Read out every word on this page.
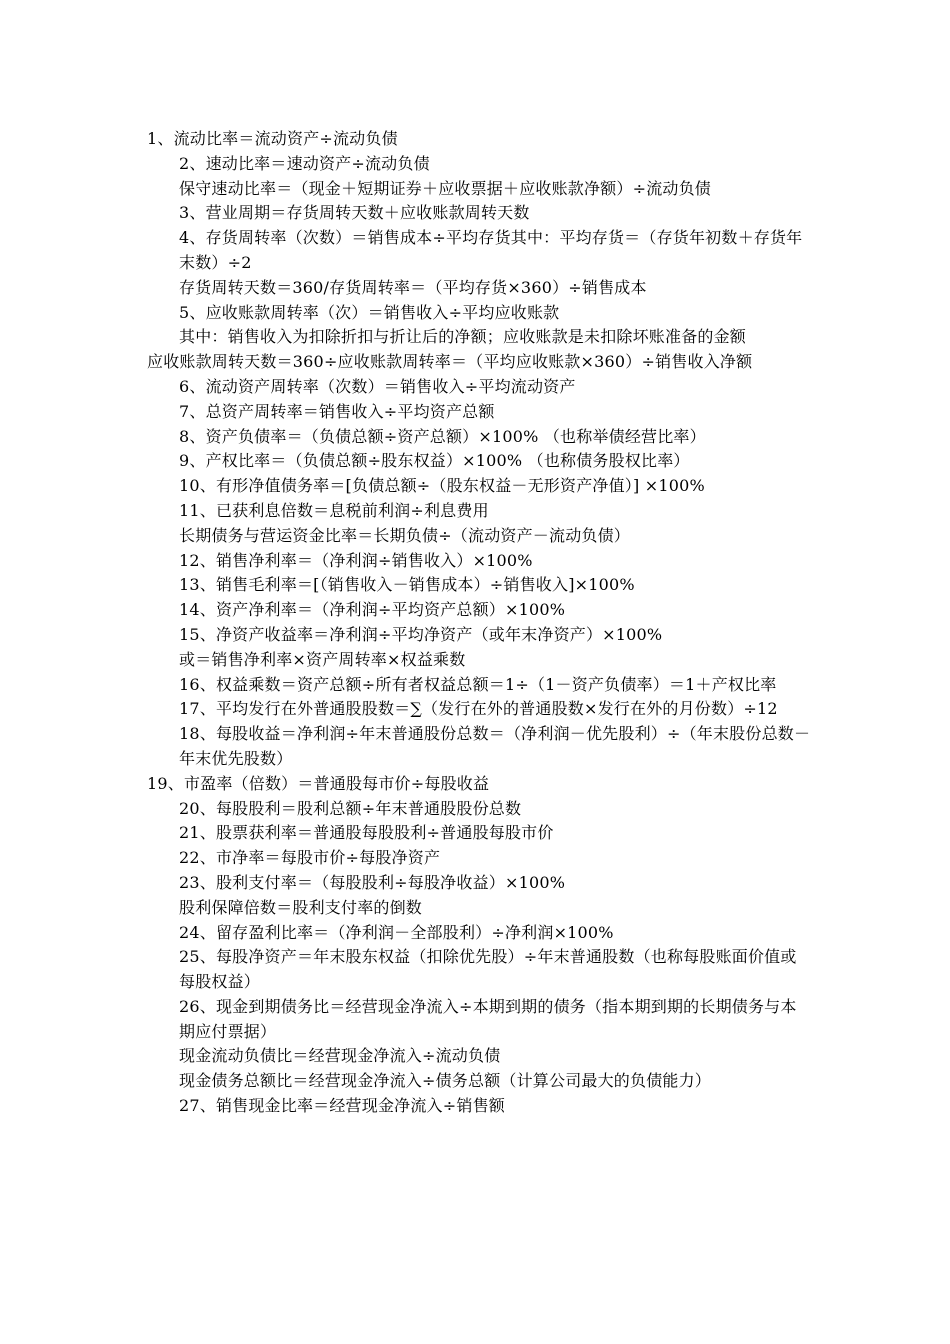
1、流动比率＝流动资产÷流动负债

2、速动比率＝速动资产÷流动负债

保守速动比率＝（现金＋短期证券＋应收票据＋应收账款净额）÷流动负债

3、营业周期＝存货周转天数＋应收账款周转天数

4、存货周转率（次数）＝销售成本÷平均存货其中：平均存货＝（存货年初数＋存货年末数）÷2

存货周转天数＝360/存货周转率＝（平均存货×360）÷销售成本

5、应收账款周转率（次）＝销售收入÷平均应收账款

其中：销售收入为扣除折扣与折让后的净额；应收账款是未扣除坏账准备的金额

应收账款周转天数＝360÷应收账款周转率＝（平均应收账款×360）÷销售收入净额

6、流动资产周转率（次数）＝销售收入÷平均流动资产

7、总资产周转率＝销售收入÷平均资产总额

8、资产负债率＝（负债总额÷资产总额）×100% （也称举债经营比率）

9、产权比率＝（负债总额÷股东权益）×100% （也称债务股权比率）

10、有形净值债务率＝[负债总额÷（股东权益－无形资产净值）] ×100%

11、已获利息倍数＝息税前利润÷利息费用

长期债务与营运资金比率＝长期负债÷（流动资产－流动负债）

12、销售净利率＝（净利润÷销售收入）×100%

13、销售毛利率＝[（销售收入－销售成本）÷销售收入]×100%

14、资产净利率＝（净利润÷平均资产总额）×100%

15、净资产收益率＝净利润÷平均净资产（或年末净资产）×100%

或＝销售净利率×资产周转率×权益乘数

16、权益乘数＝资产总额÷所有者权益总额＝1÷（1－资产负债率）＝1＋产权比率

17、平均发行在外普通股股数＝∑（发行在外的普通股数×发行在外的月份数）÷12

18、每股收益＝净利润÷年末普通股份总数＝（净利润－优先股利）÷（年末股份总数－年末优先股数）

19、市盈率（倍数）＝普通股每市价÷每股收益

20、每股股利＝股利总额÷年末普通股股份总数

21、股票获利率＝普通股每股股利÷普通股每股市价

22、市净率＝每股市价÷每股净资产

23、股利支付率＝（每股股利÷每股净收益）×100%

股利保障倍数＝股利支付率的倒数

24、留存盈利比率＝（净利润－全部股利）÷净利润×100%

25、每股净资产＝年末股东权益（扣除优先股）÷年末普通股数（也称每股账面价值或每股权益）

26、现金到期债务比＝经营现金净流入÷本期到期的债务（指本期到期的长期债务与本期应付票据）

现金流动负债比＝经营现金净流入÷流动负债

现金债务总额比＝经营现金净流入÷债务总额（计算公司最大的负债能力）

27、销售现金比率＝经营现金净流入÷销售额
